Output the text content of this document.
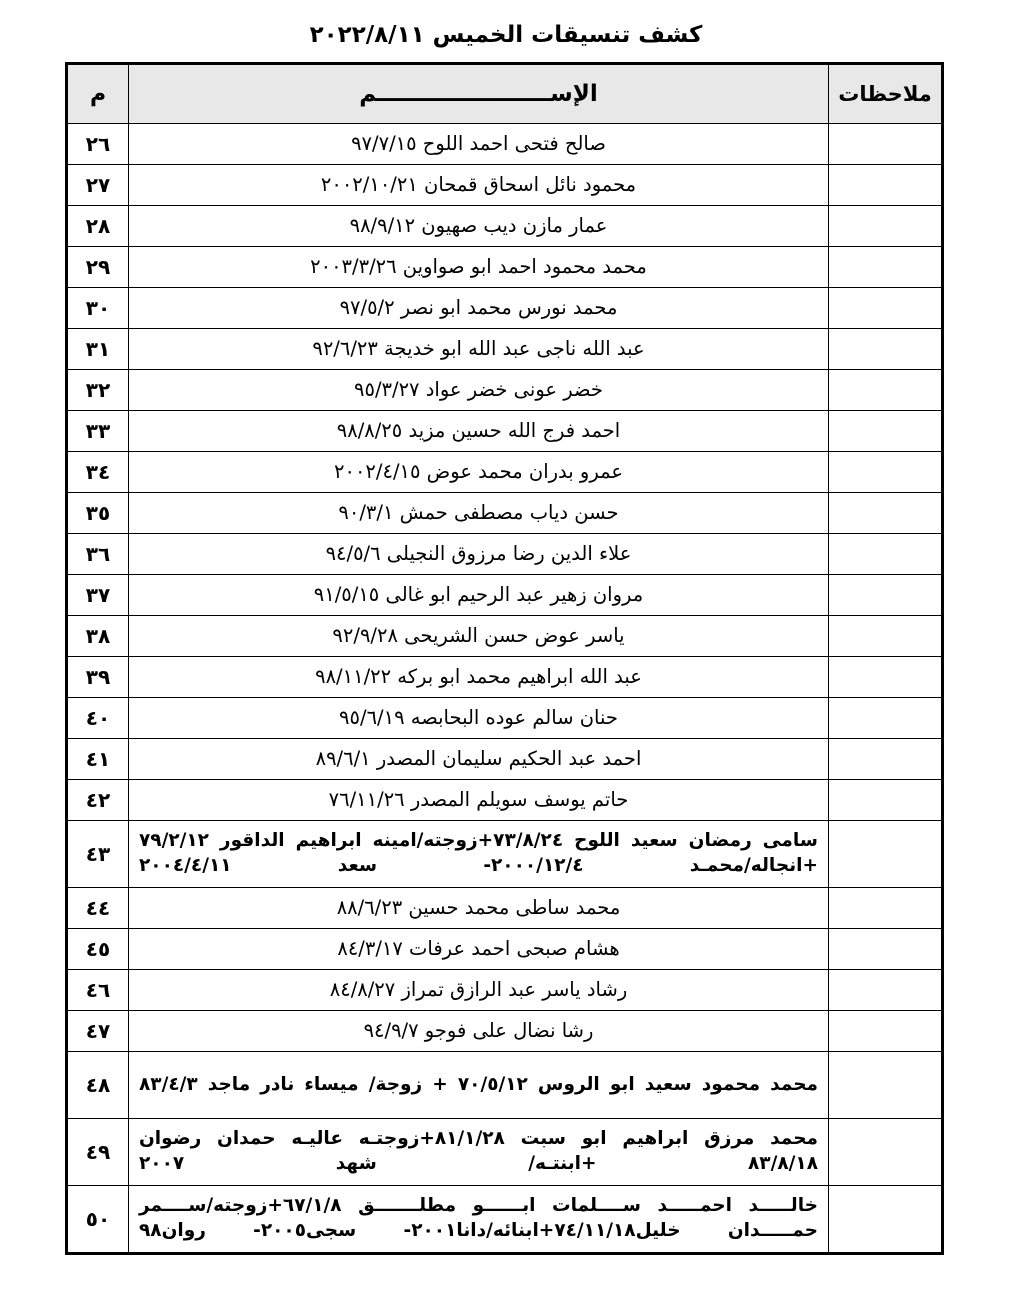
كشف تنسيقات الخميس ٢٠٢٢/٨/١١
ملاحظات	الإســــــــــــــــــــــم	م
	صالح فتحى احمد اللوح ٩٧/٧/١٥	٢٦
	محمود نائل اسحاق قمحان ٢٠٠٢/١٠/٢١	٢٧
	عمار مازن ديب صهيون ٩٨/٩/١٢	٢٨
	محمد محمود احمد ابو صواوين ٢٠٠٣/٣/٢٦	٢٩
	محمد نورس محمد ابو نصر ٩٧/٥/٢	٣٠
	عبد الله ناجى عبد الله ابو خديجة ٩٢/٦/٢٣	٣١
	خضر عونى خضر عواد ٩٥/٣/٢٧	٣٢
	احمد فرج الله حسين مزيد ٩٨/٨/٢٥	٣٣
	عمرو بدران محمد عوض ٢٠٠٢/٤/١٥	٣٤
	حسن دياب مصطفى حمش ٩٠/٣/١	٣٥
	علاء الدين رضا مرزوق النجيلى ٩٤/٥/٦	٣٦
	مروان زهير عبد الرحيم ابو غالى ٩١/٥/١٥	٣٧
	ياسر عوض حسن الشريحى ٩٢/٩/٢٨	٣٨
	عبد الله ابراهيم محمد ابو بركه ٩٨/١١/٢٢	٣٩
	حنان سالم عوده البحابصه ٩٥/٦/١٩	٤٠
	احمد عبد الحكيم سليمان المصدر ٨٩/٦/١	٤١
	حاتم يوسف سويلم المصدر ٧٦/١١/٢٦	٤٢
	سامى رمضان سعيد اللوح ٧٣/٨/٢٤+زوجته/امينه ابراهيم الداقور ٧٩/٢/١٢ +انجاله/محمـد ٢٠٠٠/١٢/٤- سعد ٢٠٠٤/٤/١١	٤٣
	محمد ساطى محمد حسين ٨٨/٦/٢٣	٤٤
	هشام صبحى احمد عرفات ٨٤/٣/١٧	٤٥
	رشاد ياسر عبد الرازق تمراز ٨٤/٨/٢٧	٤٦
	رشا نضال على فوجو ٩٤/٩/٧	٤٧
	محمد محمود سعيد ابو الروس ٧٠/٥/١٢ + زوجة/ ميساء نادر ماجد ٨٣/٤/٣	٤٨
	محمد مرزق ابراهيم ابو سبت ٨١/١/٢٨+زوجتـه عاليـه حمدان رضوان ٨٣/٨/١٨ +ابنتـه/ شهد ٢٠٠٧	٤٩
	خالـــــد احمـــــد ســــلمات ابــــــو مطلـــــــق ٦٧/١/٨+زوجته/ســــمر حمـــــدان خليل٧٤/١١/١٨+ابنائه/دانا٢٠٠١- سجى٢٠٠٥- روان٩٨	٥٠
